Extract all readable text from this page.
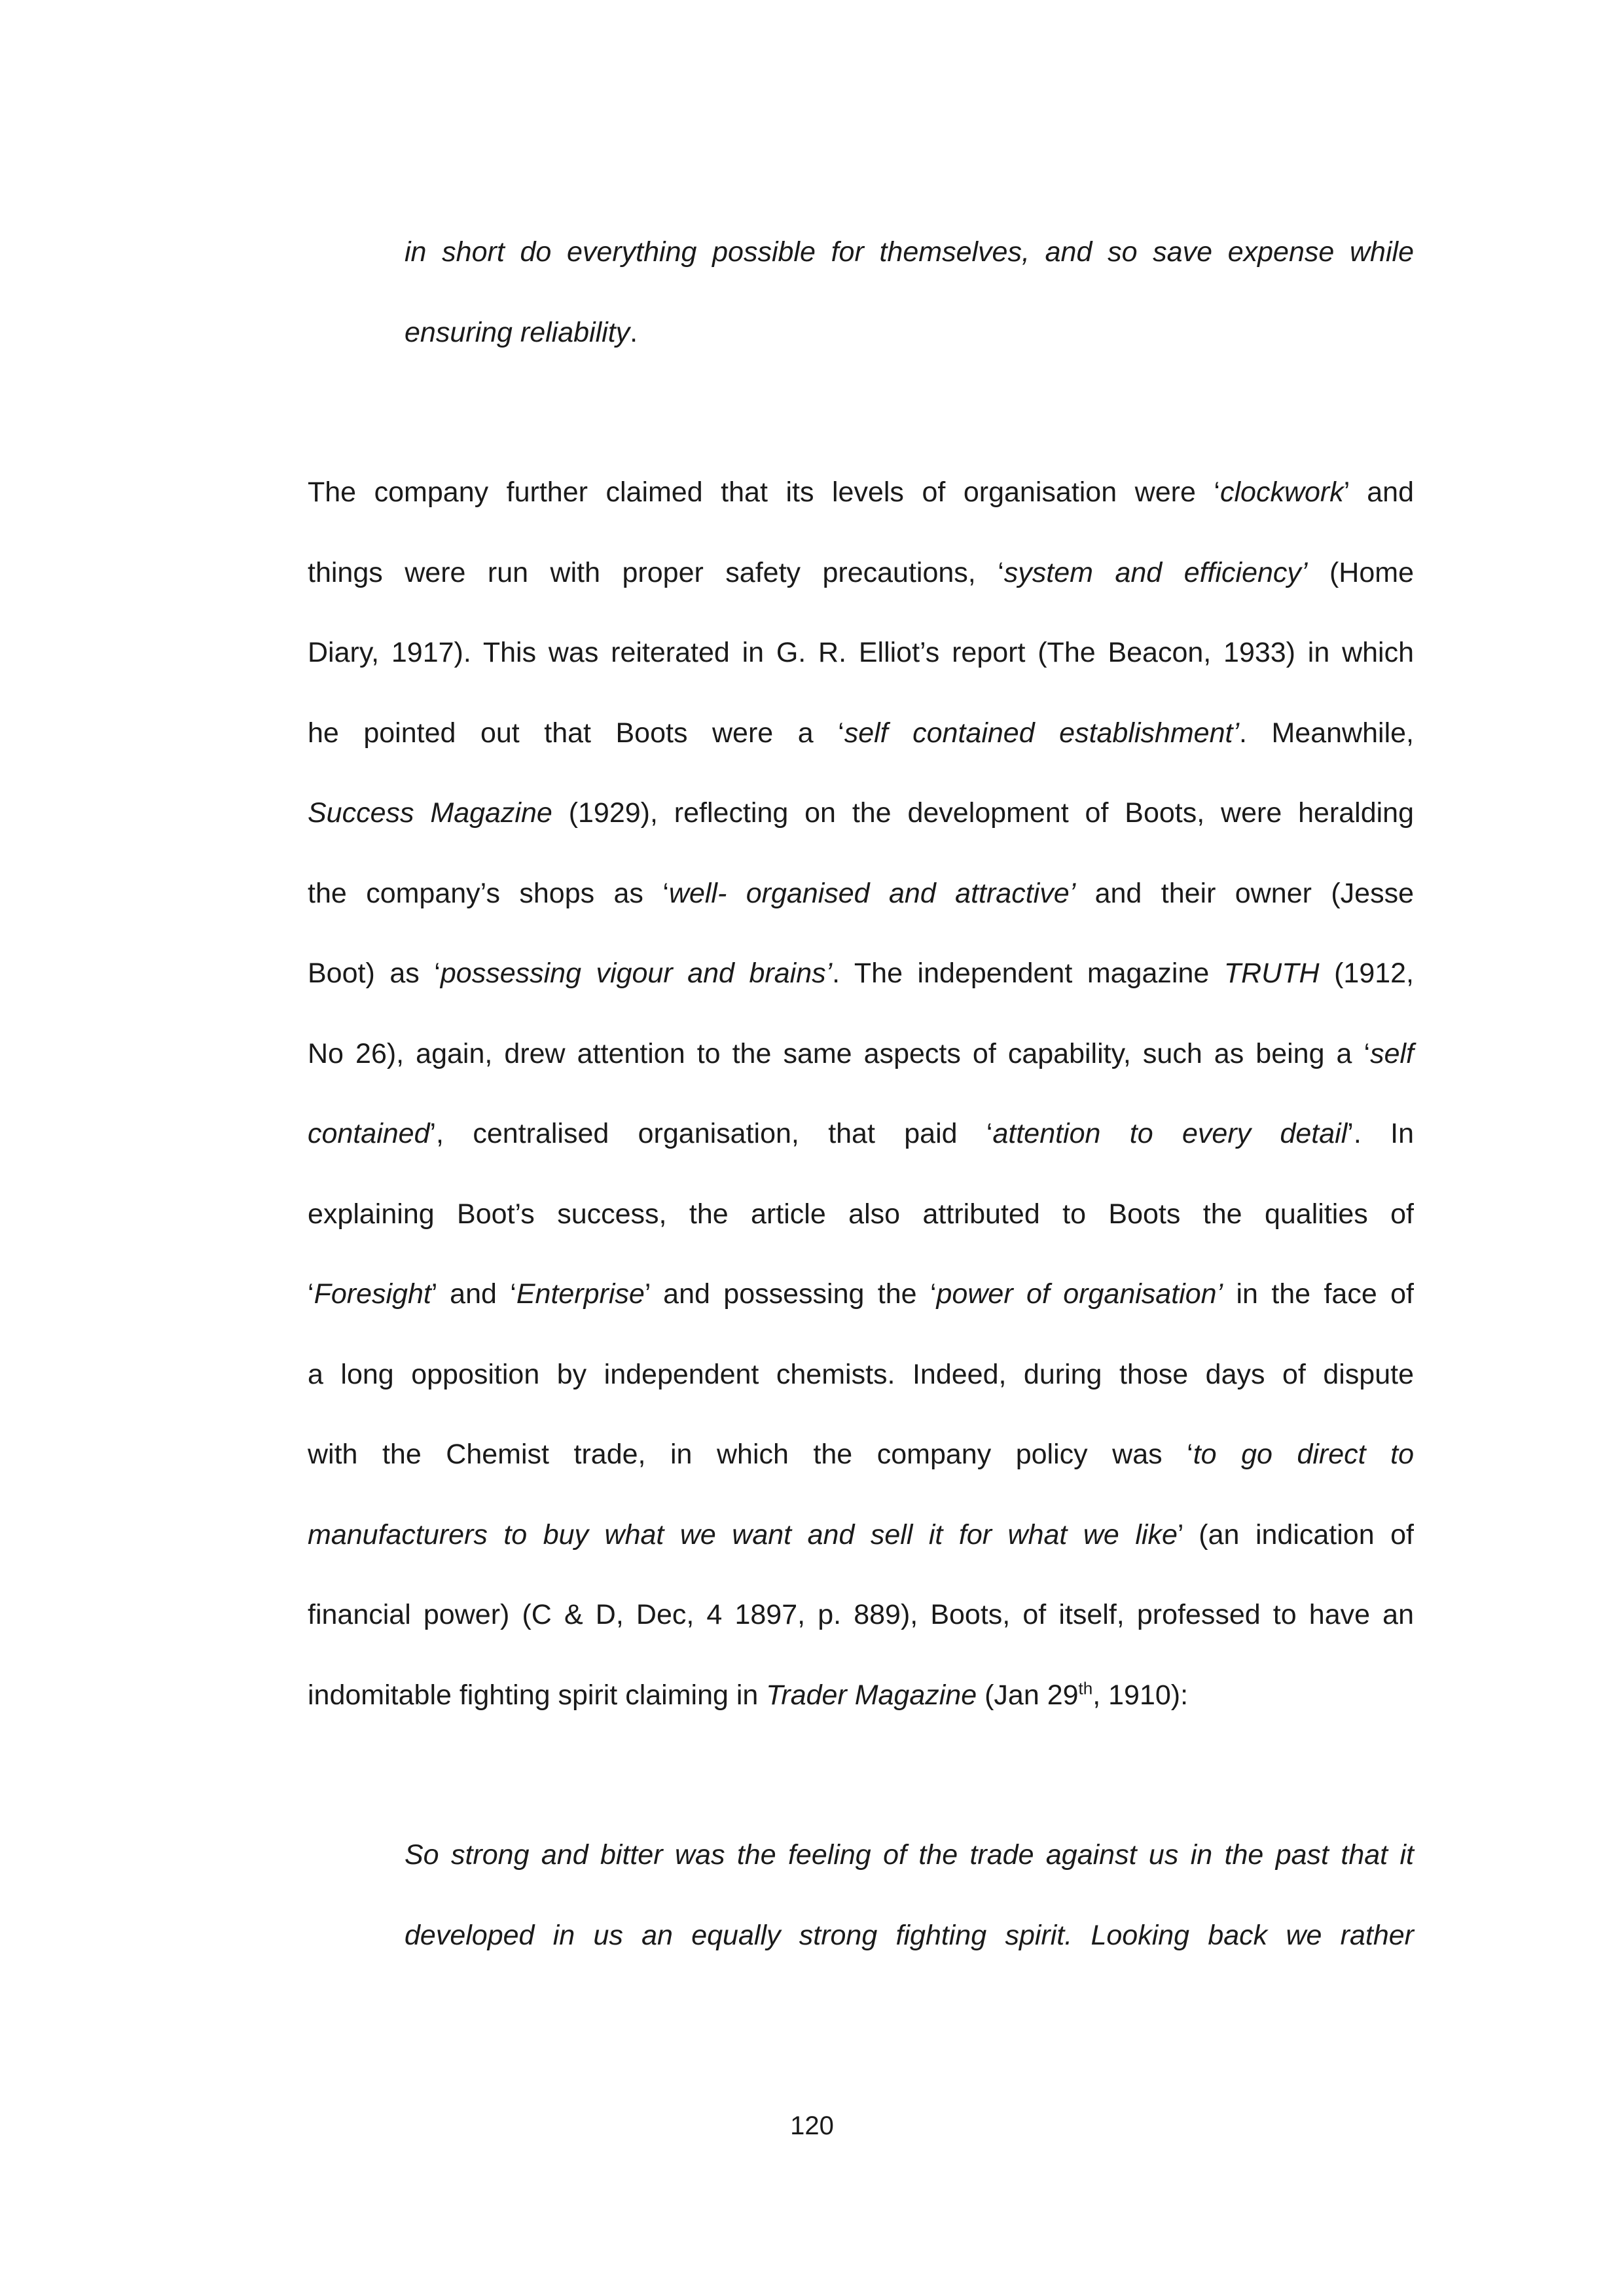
in short do everything possible for themselves, and so save expense while
ensuring reliability.
The company further claimed that its levels of organisation were ‘clockwork’ and
things were run with proper safety precautions, ‘system and efficiency’ (Home
Diary, 1917). This was reiterated in G. R. Elliot’s report (The Beacon, 1933) in which
he pointed out that Boots were a ‘self contained establishment’. Meanwhile,
Success Magazine (1929), reflecting on the development of Boots, were heralding
the company’s shops as ‘well- organised and attractive’ and their owner (Jesse
Boot) as ‘possessing vigour and brains’. The independent magazine TRUTH (1912,
No 26), again, drew attention to the same aspects of capability, such as being a ‘self
contained’, centralised organisation, that paid ‘attention to every detail’. In
explaining Boot’s success, the article also attributed to Boots the qualities of
‘Foresight’ and ‘Enterprise’ and possessing the ‘power of organisation’ in the face of
a long opposition by independent chemists. Indeed, during those days of dispute
with the Chemist trade, in which the company policy was ‘to go direct to
manufacturers to buy what we want and sell it for what we like’ (an indication of
financial power) (C & D, Dec, 4 1897, p. 889), Boots, of itself, professed to have an
indomitable fighting spirit claiming in Trader Magazine (Jan 29th, 1910):
So strong and bitter was the feeling of the trade against us in the past that it
developed in us an equally strong fighting spirit. Looking back we rather
120
